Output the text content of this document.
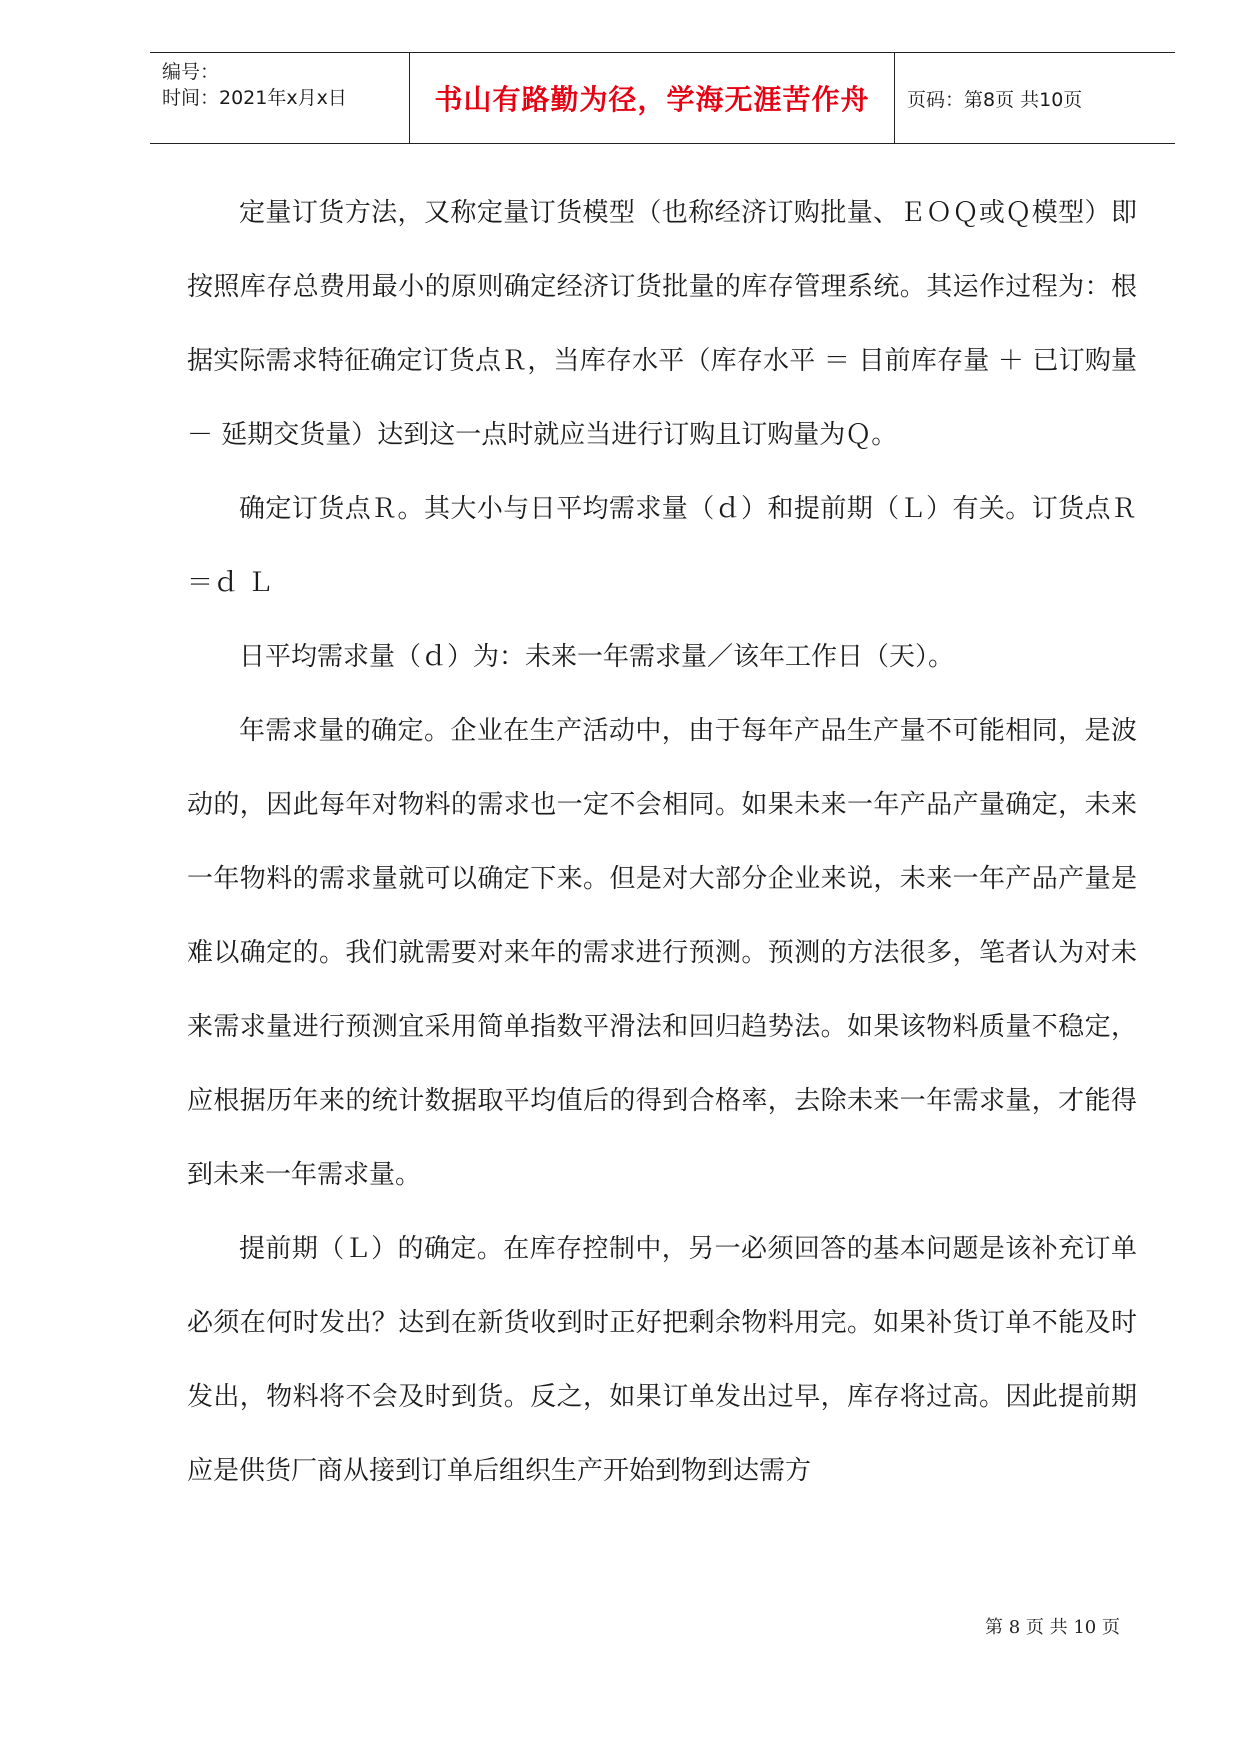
编号：
时间：2021年x月x日	书山有路勤为径，学海无涯苦作舟	页码：第8页 共10页

定量订货方法，又称定量订货模型（也称经济订购批量、ＥＯＱ或Ｑ模型）即按照库存总费用最小的原则确定经济订货批量的库存管理系统。其运作过程为：根据实际需求特征确定订货点Ｒ，当库存水平（库存水平 ＝ 目前库存量 ＋ 已订购量 － 延期交货量）达到这一点时就应当进行订购且订购量为Ｑ。

确定订货点Ｒ。其大小与日平均需求量（ｄ）和提前期（Ｌ）有关。订货点Ｒ＝ｄ Ｌ

日平均需求量（ｄ）为：未来一年需求量／该年工作日（天）。

年需求量的确定。企业在生产活动中，由于每年产品生产量不可能相同，是波动的，因此每年对物料的需求也一定不会相同。如果未来一年产品产量确定，未来一年物料的需求量就可以确定下来。但是对大部分企业来说，未来一年产品产量是难以确定的。我们就需要对来年的需求进行预测。预测的方法很多，笔者认为对未来需求量进行预测宜采用简单指数平滑法和回归趋势法。如果该物料质量不稳定，应根据历年来的统计数据取平均值后的得到合格率，去除未来一年需求量，才能得到未来一年需求量。

提前期（Ｌ）的确定。在库存控制中，另一必须回答的基本问题是该补充订单必须在何时发出？达到在新货收到时正好把剩余物料用完。如果补货订单不能及时发出，物料将不会及时到货。反之，如果订单发出过早，库存将过高。因此提前期应是供货厂商从接到订单后组织生产开始到物到达需方

第 8 页 共 10 页
